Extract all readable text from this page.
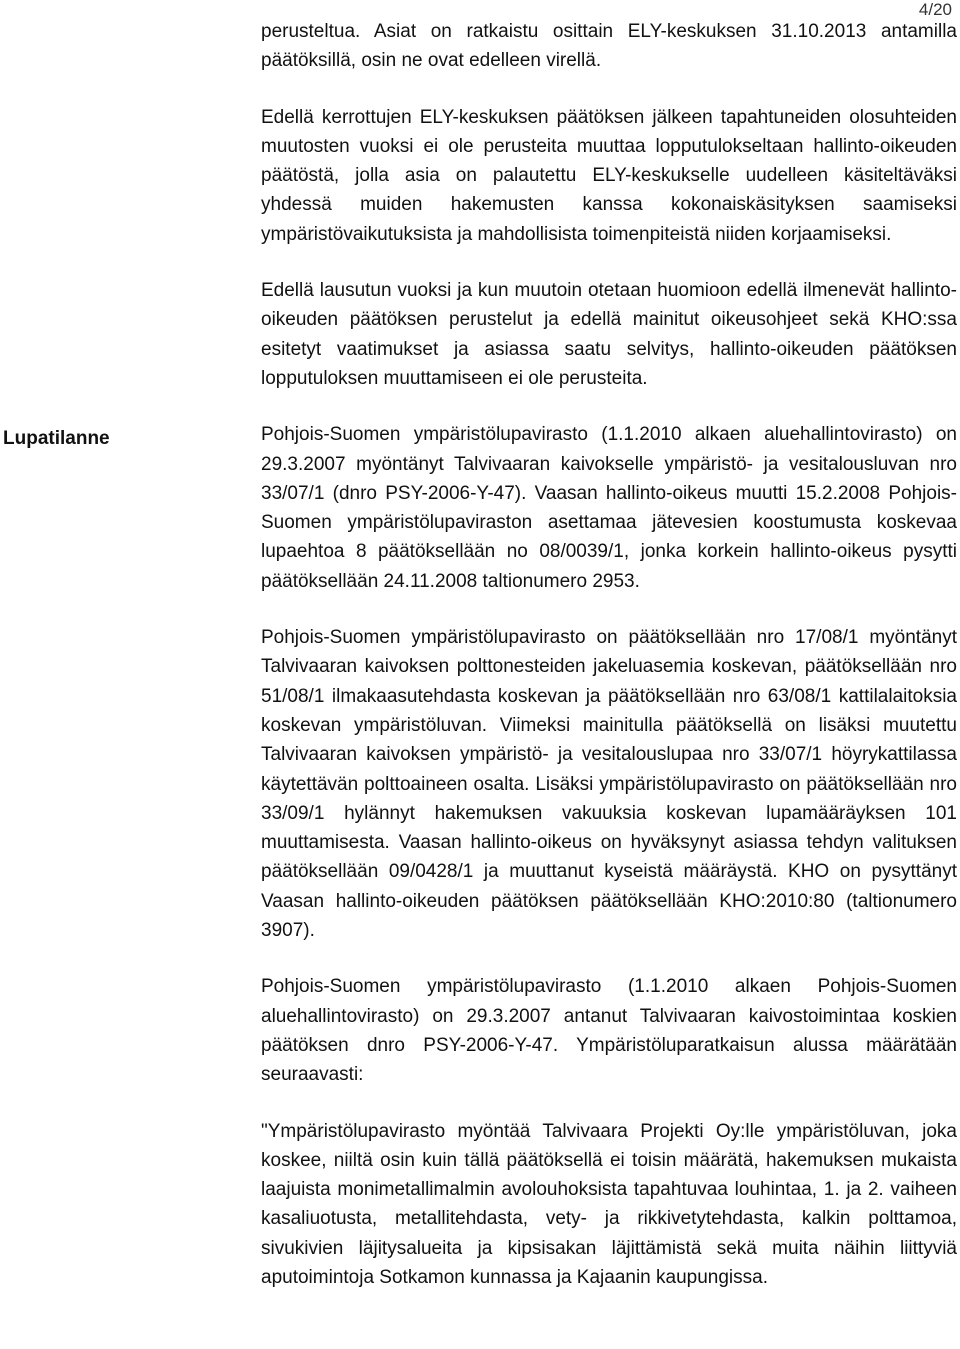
4/20

Lupatilanne

perusteltua. Asiat on ratkaistu osittain ELY-keskuksen 31.10.2013 antamilla päätöksillä, osin ne ovat edelleen virellä.

Edellä kerrottujen ELY-keskuksen päätöksen jälkeen tapahtuneiden olosuhteiden muutosten vuoksi ei ole perusteita muuttaa lopputulokseltaan hallinto-oikeuden päätöstä, jolla asia on palautettu ELY-keskukselle uudelleen käsiteltäväksi yhdessä muiden hakemusten kanssa kokonaiskäsityksen saamiseksi ympäristövaikutuksista ja mahdollisista toimenpiteistä niiden korjaamiseksi.

Edellä lausutun vuoksi ja kun muutoin otetaan huomioon edellä ilmenevät hallinto-oikeuden päätöksen perustelut ja edellä mainitut oikeusohjeet sekä KHO:ssa esitetyt vaatimukset ja asiassa saatu selvitys, hallinto-oikeuden päätöksen lopputuloksen muuttamiseen ei ole perusteita.

Pohjois-Suomen ympäristölupavirasto (1.1.2010 alkaen aluehallintovirasto) on 29.3.2007 myöntänyt Talvivaaran kaivokselle ympäristö- ja vesitalousluvan nro 33/07/1 (dnro PSY-2006-Y-47). Vaasan hallinto-oikeus muutti 15.2.2008 Pohjois-Suomen ympäristölupaviraston asettamaa jätevesien koostumusta koskevaa lupaehtoa 8 päätöksellään no 08/0039/1, jonka korkein hallinto-oikeus pysytti päätöksellään 24.11.2008 taltionumero 2953.

Pohjois-Suomen ympäristölupavirasto on päätöksellään nro 17/08/1 myöntänyt Talvivaaran kaivoksen polttonesteiden jakeluasemia koskevan, päätöksellään nro 51/08/1 ilmakaasutehdasta koskevan ja päätöksellään nro 63/08/1 kattilalaitoksia koskevan ympäristöluvan. Viimeksi mainitulla päätöksellä on lisäksi muutettu Talvivaaran kaivoksen ympäristö- ja vesitalouslupaa nro 33/07/1 höyrykattilassa käytettävän polttoaineen osalta. Lisäksi ympäristölupavirasto on päätöksellään nro 33/09/1 hylännyt hakemuksen vakuuksia koskevan lupamääräyksen 101 muuttamisesta. Vaasan hallinto-oikeus on hyväksynyt asiassa tehdyn valituksen päätöksellään 09/0428/1 ja muuttanut kyseistä määräystä. KHO on pysyttänyt Vaasan hallinto-oikeuden päätöksen päätöksellään KHO:2010:80 (taltionumero 3907).

Pohjois-Suomen ympäristölupavirasto (1.1.2010 alkaen Pohjois-Suomen aluehallintovirasto) on 29.3.2007 antanut Talvivaaran kaivostoimintaa koskien päätöksen dnro PSY-2006-Y-47. Ympäristöluparatkaisun alussa määrätään seuraavasti:

"Ympäristölupavirasto myöntää Talvivaara Projekti Oy:lle ympäristöluvan, joka koskee, niiltä osin kuin tällä päätöksellä ei toisin määrätä, hakemuksen mukaista laajuista monimetallimalmin avolouhoksista tapahtuvaa louhintaa, 1. ja 2. vaiheen kasaliuotusta, metallitehdasta, vety- ja rikkivetytehdasta, kalkin polttamoa, sivukivien läjitysalueita ja kipsisakan läjittämistä sekä muita näihin liittyviä aputoimintoja Sotkamon kunnassa ja Kajaanin kaupungissa.
